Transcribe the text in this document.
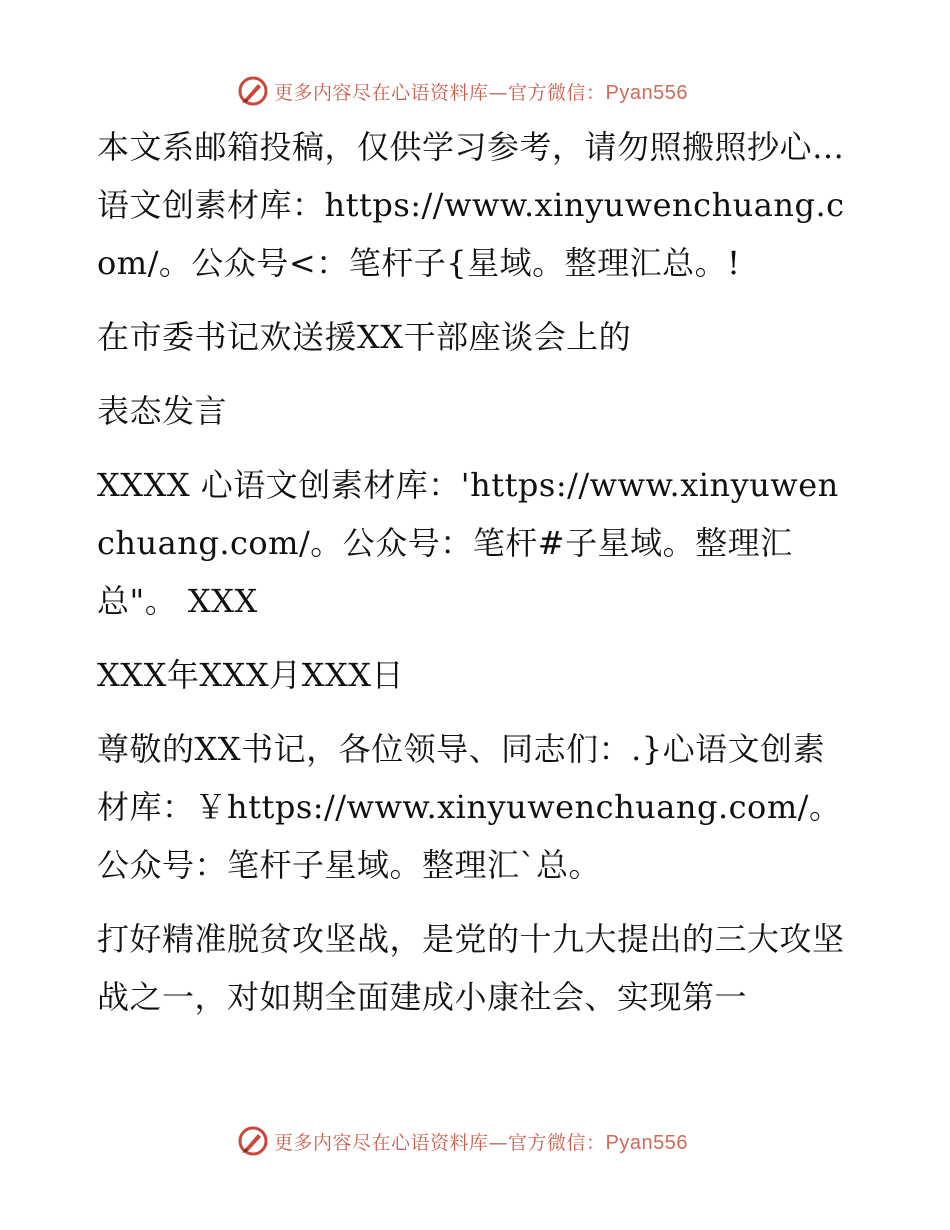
更多内容尽在心语资料库—官方微信：Pyan556

本文系邮箱投稿，仅供学习参考，请勿照搬照抄心…语文创素材库：https://www.xinyuwenchuang.com/。公众号<：笔杆子{星域。整理汇总。!

在市委书记欢送援XX干部座谈会上的

表态发言

XXXX 心语文创素材库：'https://www.xinyuwenchuang.com/。公众号：笔杆#子星域。整理汇总"。 XXX

XXX年XXX月XXX日

尊敬的XX书记，各位领导、同志们：.}心语文创素材库：￥https://www.xinyuwenchuang.com/。公众号：笔杆子星域。整理汇`总。

打好精准脱贫攻坚战，是党的十九大提出的三大攻坚战之一，对如期全面建成小康社会、实现第一

更多内容尽在心语资料库—官方微信：Pyan556
